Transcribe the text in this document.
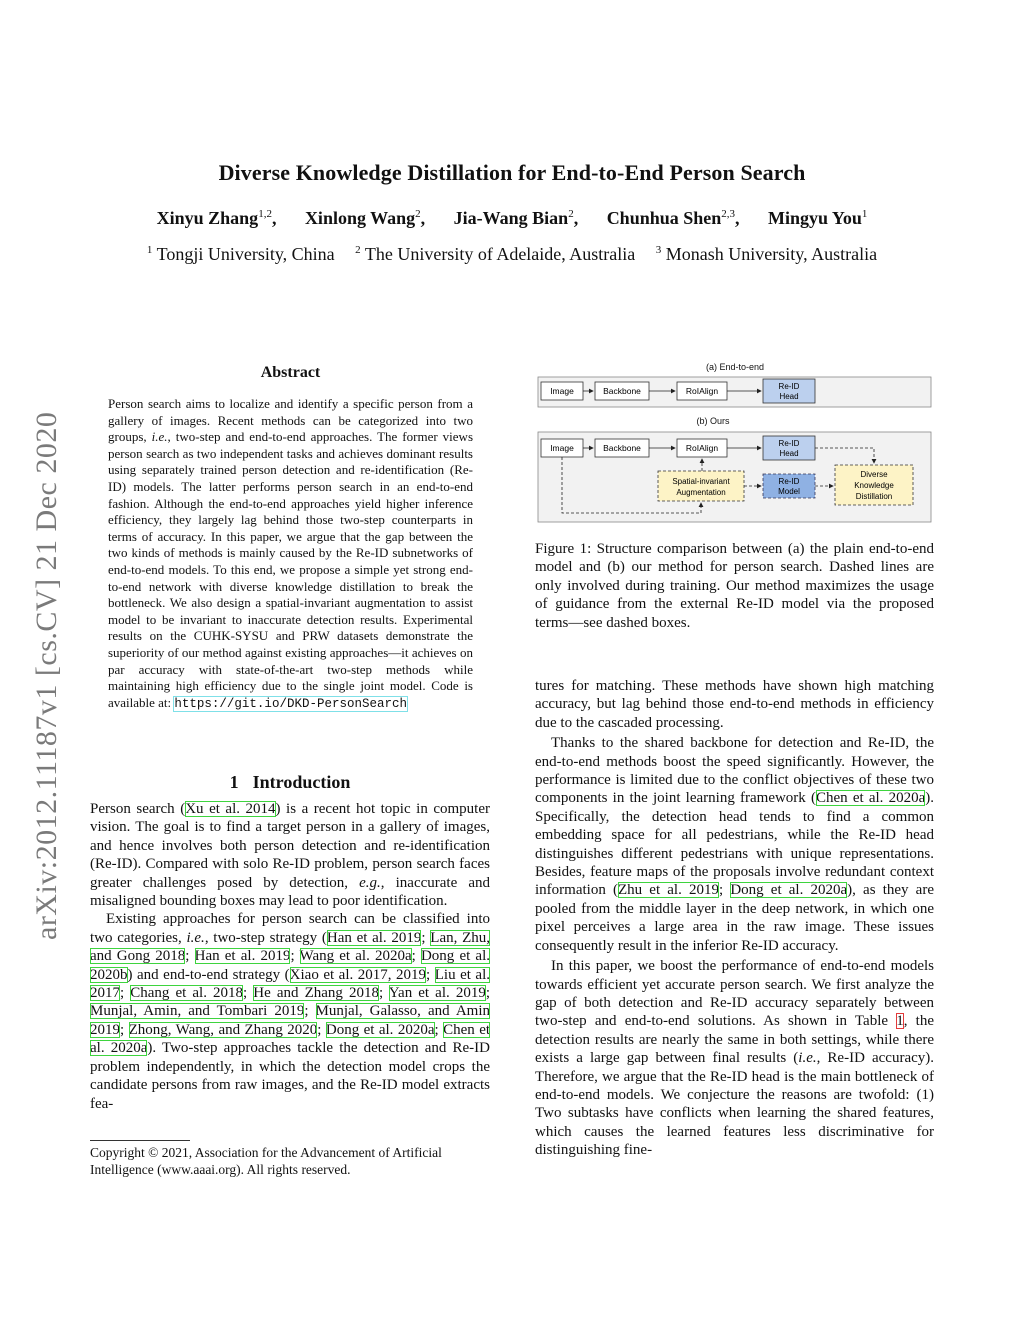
Diverse Knowledge Distillation for End-to-End Person Search
Xinyu Zhang$^{1,2}$, Xinlong Wang$^2$, Jia-Wang Bian$^2$, Chunhua Shen$^{2,3}$, Mingyu You$^1$
$^1$ Tongji University, China $^2$ The University of Adelaide, Australia $^3$ Monash University, Australia
arXiv:2012.11187v1 [cs.CV] 21 Dec 2020
Abstract
Person search aims to localize and identify a specific person from a gallery of images. Recent methods can be categorized into two groups, i.e., two-step and end-to-end approaches. The former views person search as two independent tasks and achieves dominant results using separately trained person detection and re-identification (Re-ID) models. The latter performs person search in an end-to-end fashion. Although the end-to-end approaches yield higher inference efficiency, they largely lag behind those two-step counterparts in terms of accuracy. In this paper, we argue that the gap between the two kinds of methods is mainly caused by the Re-ID subnetworks of end-to-end models. To this end, we propose a simple yet strong end-to-end network with diverse knowledge distillation to break the bottleneck. We also design a spatial-invariant augmentation to assist model to be invariant to inaccurate detection results. Experimental results on the CUHK-SYSU and PRW datasets demonstrate the superiority of our method against existing approaches—it achieves on par accuracy with state-of-the-art two-step methods while maintaining high efficiency due to the single joint model. Code is available at: https://git.io/DKD-PersonSearch
1 Introduction

Person search (Xu et al. 2014) is a recent hot topic in computer vision. The goal is to find a target person in a gallery of images, and hence involves both person detection and re-identification (Re-ID). Compared with solo Re-ID problem, person search faces greater challenges posed by detection, e.g., inaccurate and misaligned bounding boxes may lead to poor identification.

Existing approaches for person search can be classified into two categories, i.e., two-step strategy (Han et al. 2019; Lan, Zhu, and Gong 2018; Han et al. 2019; Wang et al. 2020a; Dong et al. 2020b) and end-to-end strategy (Xiao et al. 2017, 2019; Liu et al. 2017; Chang et al. 2018; He and Zhang 2018; Yan et al. 2019; Munjal, Amin, and Tombari 2019; Munjal, Galasso, and Amin 2019; Zhong, Wang, and Zhang 2020; Dong et al. 2020a; Chen et al. 2020a). Two-step approaches tackle the detection and Re-ID problem independently, in which the detection model crops the candidate persons from raw images, and the Re-ID model extracts fea-

Copyright © 2021, Association for the Advancement of Artificial Intelligence (www.aaai.org). All rights reserved.
(a) End-to-end
Image	Backbone	RoIAlign	Re-ID
Head
(b) Ours
Image	Backbone	RoIAlign	Re-ID
Head
Spatial-invariant
Augmentation
Re-ID
Model
Diverse
Knowledge
Distillation
Figure 1: Structure comparison between (a) the plain end-to-end model and (b) our method for person search. Dashed lines are only involved during training. Our method maximizes the usage of guidance from the external Re-ID model via the proposed terms—see dashed boxes.

tures for matching. These methods have shown high matching accuracy, but lag behind those end-to-end methods in efficiency due to the cascaded processing.

Thanks to the shared backbone for detection and Re-ID, the end-to-end methods boost the speed significantly. However, the performance is limited due to the conflict objectives of these two components in the joint learning framework (Chen et al. 2020a). Specifically, the detection head tends to find a common embedding space for all pedestrians, while the Re-ID head distinguishes different pedestrians with unique representations. Besides, feature maps of the proposals involve redundant context information (Zhu et al. 2019; Dong et al. 2020a), as they are pooled from the middle layer in the deep network, in which one pixel perceives a large area in the raw image. These issues consequently result in the inferior Re-ID accuracy.

In this paper, we boost the performance of end-to-end models towards efficient yet accurate person search. We first analyze the gap of both detection and Re-ID accuracy separately between two-step and end-to-end solutions. As shown in Table 1, the detection results are nearly the same in both settings, while there exists a large gap between final results (i.e., Re-ID accuracy). Therefore, we argue that the Re-ID head is the main bottleneck of end-to-end models. We conjecture the reasons are twofold: (1) Two subtasks have conflicts when learning the shared features, which causes the learned features less discriminative for distinguishing fine-
